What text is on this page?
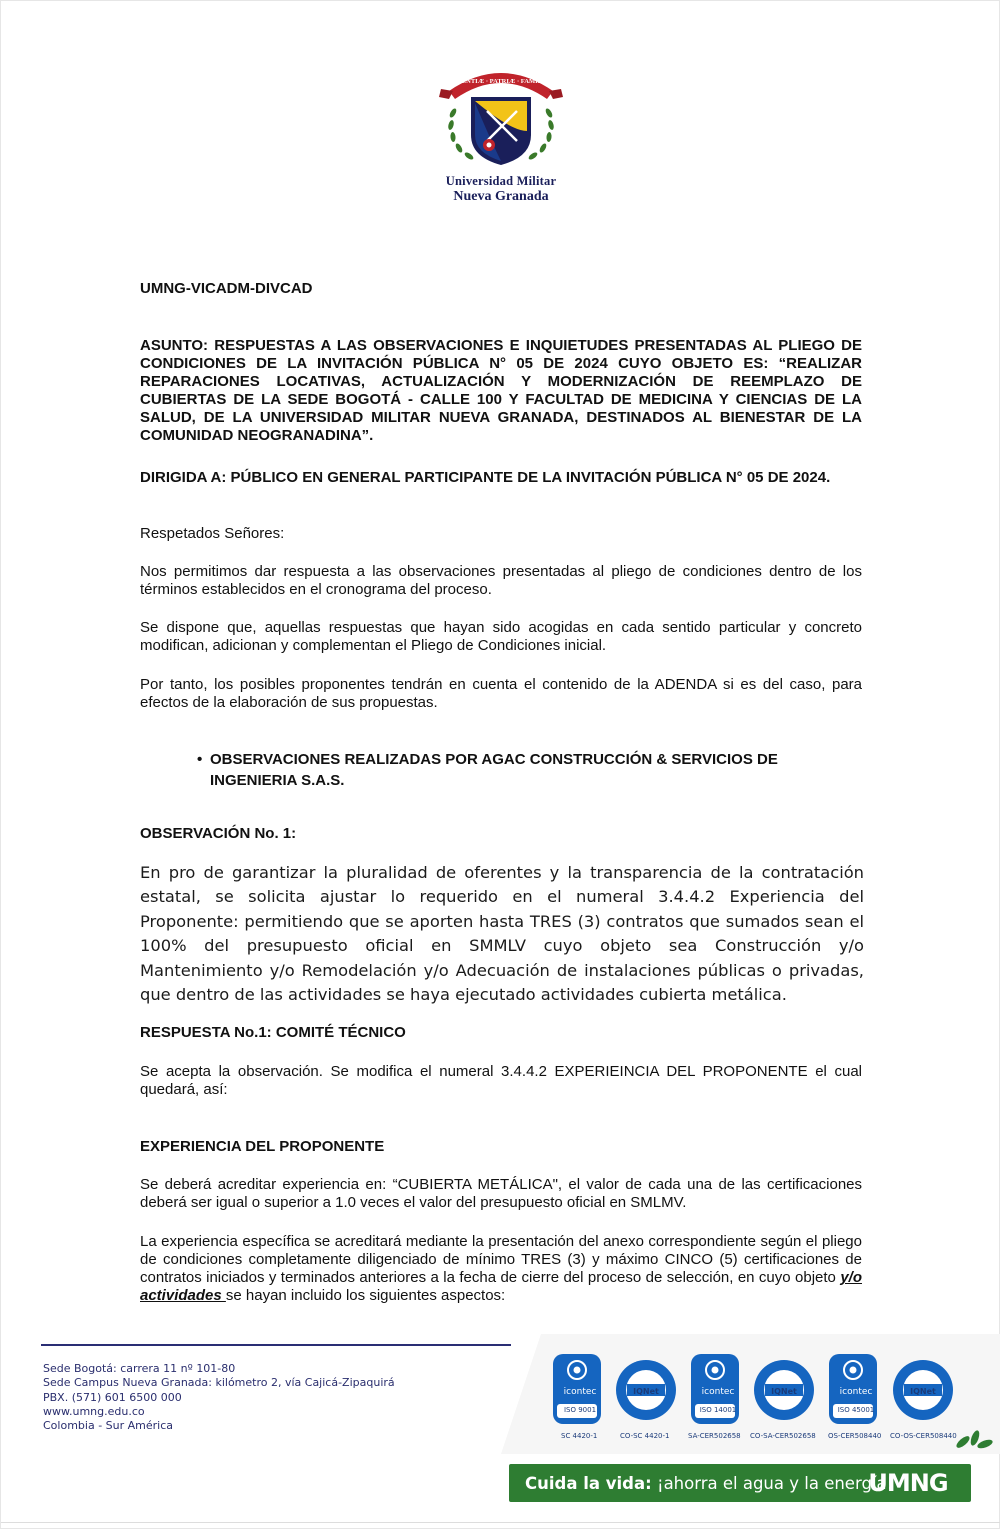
SCIENTIÆ · PATRIÆ · FAMILIÆ
Universidad Militar
Nueva Granada
UMNG-VICADM-DIVCAD
ASUNTO: RESPUESTAS A LAS OBSERVACIONES E INQUIETUDES PRESENTADAS AL PLIEGO DE CONDICIONES DE LA INVITACIÓN PÚBLICA N° 05 DE 2024 CUYO OBJETO ES: “REALIZAR REPARACIONES LOCATIVAS, ACTUALIZACIÓN Y MODERNIZACIÓN DE REEMPLAZO DE CUBIERTAS DE LA SEDE BOGOTÁ - CALLE 100 Y FACULTAD DE MEDICINA Y CIENCIAS DE LA SALUD, DE LA UNIVERSIDAD MILITAR NUEVA GRANADA, DESTINADOS AL BIENESTAR DE LA COMUNIDAD NEOGRANADINA”.
DIRIGIDA A: PÚBLICO EN GENERAL PARTICIPANTE DE LA INVITACIÓN PÚBLICA N° 05 DE 2024.
Respetados Señores:
Nos permitimos dar respuesta a las observaciones presentadas al pliego de condiciones dentro de los términos establecidos en el cronograma del proceso.
Se dispone que, aquellas respuestas que hayan sido acogidas en cada sentido particular y concreto modifican, adicionan y complementan el Pliego de Condiciones inicial.
Por tanto, los posibles proponentes tendrán en cuenta el contenido de la ADENDA si es del caso, para efectos de la elaboración de sus propuestas.
• OBSERVACIONES REALIZADAS POR AGAC CONSTRUCCIÓN & SERVICIOS DE INGENIERIA S.A.S.
OBSERVACIÓN No. 1:
En pro de garantizar la pluralidad de oferentes y la transparencia de la contratación estatal, se solicita ajustar lo requerido en el numeral 3.4.4.2 Experiencia del Proponente: permitiendo que se aporten hasta TRES (3) contratos que sumados sean el 100% del presupuesto oficial en SMMLV cuyo objeto sea Construcción y/o Mantenimiento y/o Remodelación y/o Adecuación de instalaciones públicas o privadas, que dentro de las actividades se haya ejecutado actividades cubierta metálica.
RESPUESTA No.1: COMITÉ TÉCNICO
Se acepta la observación. Se modifica el numeral 3.4.4.2 EXPERIEINCIA DEL PROPONENTE el cual quedará, así:
EXPERIENCIA DEL PROPONENTE
Se deberá acreditar experiencia en: “CUBIERTA METÁLICA", el valor de cada una de las certificaciones deberá ser igual o superior a 1.0 veces el valor del presupuesto oficial en SMLMV.
La experiencia específica se acreditará mediante la presentación del anexo correspondiente según el pliego de condiciones completamente diligenciado de mínimo TRES (3) y máximo CINCO (5) certificaciones de contratos iniciados y terminados anteriores a la fecha de cierre del proceso de selección, en cuyo objeto y/o actividades se hayan incluido los siguientes aspectos:
Sede Bogotá: carrera 11 nº 101-80
Sede Campus Nueva Granada: kilómetro 2, vía Cajicá-Zipaquirá
PBX. (571) 601 6500 000
www.umng.edu.co
Colombia - Sur América
icontec
ISO 9001
IQNet	icontec
ISO 14001
IQNet	icontec
ISO 45001
IQNet
SC 4420-1	CO-SC 4420-1	SA-CER502658 CO-SA-CER502658 OS-CER508440 CO-OS-CER508440
Cuida la vida: ¡ahorra el agua y la energía!
UMNG
